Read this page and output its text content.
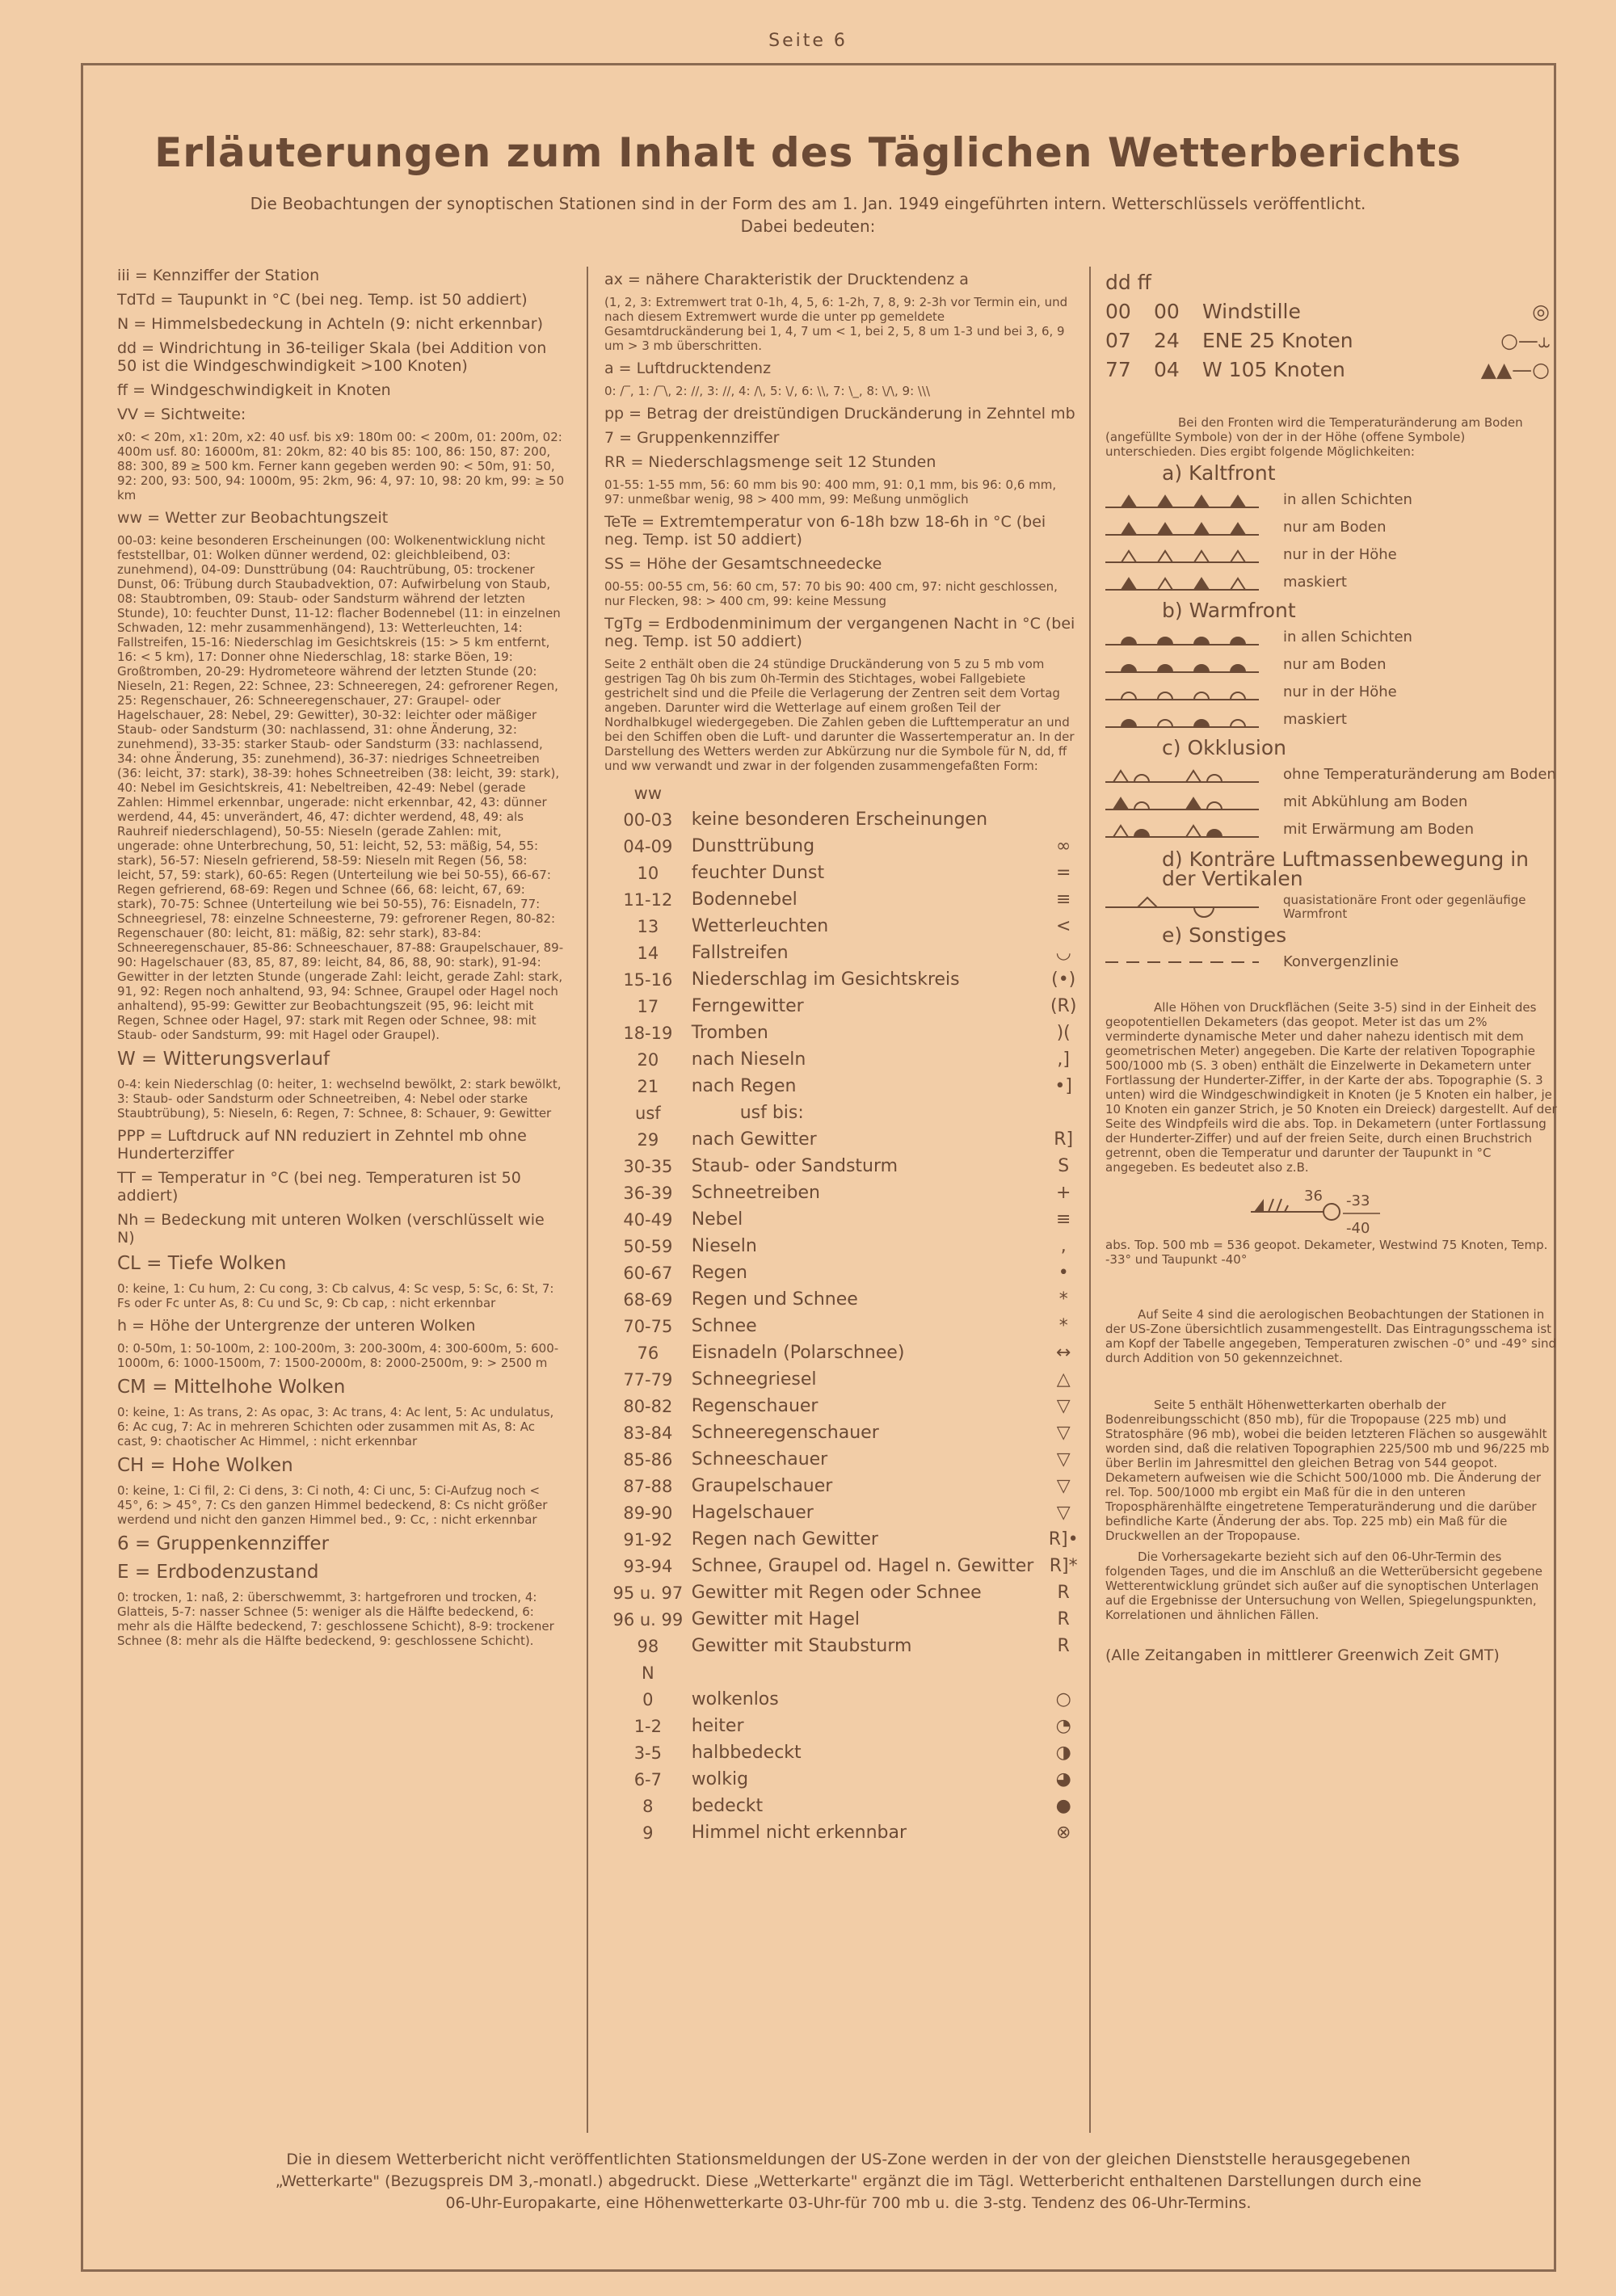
Seite 6
Erläuterungen zum Inhalt des Täglichen Wetterberichts
Die Beobachtungen der synoptischen Stationen sind in der Form des am 1. Jan. 1949 eingeführten intern. Wetterschlüssels veröffentlicht.
Dabei bedeuten:
iii = Kennziffer der Station
TdTd = Taupunkt in °C (bei neg. Temp. ist 50 addiert)
N = Himmelsbedeckung in Achteln (9: nicht erkennbar)
dd = Windrichtung in 36-teiliger Skala (bei Addition von 50 ist die Windgeschwindigkeit >100 Knoten)
ff = Windgeschwindigkeit in Knoten
VV = Sichtweite:
x0: < 20m, x1: 20m, x2: 40 usf. bis x9: 180m 00: < 200m, 01: 200m, 02: 400m usf. 80: 16000m, 81: 20km, 82: 40 bis 85: 100, 86: 150, 87: 200, 88: 300, 89 ≥ 500 km. Ferner kann gegeben werden 90: < 50m, 91: 50, 92: 200, 93: 500, 94: 1000m, 95: 2km, 96: 4, 97: 10, 98: 20 km, 99: ≥ 50 km
ww = Wetter zur Beobachtungszeit
00-03: keine besonderen Erscheinungen (00: Wolkenentwicklung nicht feststellbar, 01: Wolken dünner werdend, 02: gleichbleibend, 03: zunehmend), 04-09: Dunsttrübung (04: Rauchtrübung, 05: trockener Dunst, 06: Trübung durch Staubadvektion, 07: Aufwirbelung von Staub, 08: Staubtromben, 09: Staub- oder Sandsturm während der letzten Stunde), 10: feuchter Dunst, 11-12: flacher Bodennebel (11: in einzelnen Schwaden, 12: mehr zusammenhängend), 13: Wetterleuchten, 14: Fallstreifen, 15-16: Niederschlag im Gesichtskreis (15: > 5 km entfernt, 16: < 5 km), 17: Donner ohne Niederschlag, 18: starke Böen, 19: Großtromben, 20-29: Hydrometeore während der letzten Stunde (20: Nieseln, 21: Regen, 22: Schnee, 23: Schneeregen, 24: gefrorener Regen, 25: Regenschauer, 26: Schneeregenschauer, 27: Graupel- oder Hagelschauer, 28: Nebel, 29: Gewitter), 30-32: leichter oder mäßiger Staub- oder Sandsturm (30: nachlassend, 31: ohne Änderung, 32: zunehmend), 33-35: starker Staub- oder Sandsturm (33: nachlassend, 34: ohne Änderung, 35: zunehmend), 36-37: niedriges Schneetreiben (36: leicht, 37: stark), 38-39: hohes Schneetreiben (38: leicht, 39: stark), 40: Nebel im Gesichtskreis, 41: Nebeltreiben, 42-49: Nebel (gerade Zahlen: Himmel erkennbar, ungerade: nicht erkennbar, 42, 43: dünner werdend, 44, 45: unverändert, 46, 47: dichter werdend, 48, 49: als Rauhreif niederschlagend), 50-55: Nieseln (gerade Zahlen: mit, ungerade: ohne Unterbrechung, 50, 51: leicht, 52, 53: mäßig, 54, 55: stark), 56-57: Nieseln gefrierend, 58-59: Nieseln mit Regen (56, 58: leicht, 57, 59: stark), 60-65: Regen (Unterteilung wie bei 50-55), 66-67: Regen gefrierend, 68-69: Regen und Schnee (66, 68: leicht, 67, 69: stark), 70-75: Schnee (Unterteilung wie bei 50-55), 76: Eisnadeln, 77: Schneegriesel, 78: einzelne Schneesterne, 79: gefrorener Regen, 80-82: Regenschauer (80: leicht, 81: mäßig, 82: sehr stark), 83-84: Schneeregenschauer, 85-86: Schneeschauer, 87-88: Graupelschauer, 89-90: Hagelschauer (83, 85, 87, 89: leicht, 84, 86, 88, 90: stark), 91-94: Gewitter in der letzten Stunde (ungerade Zahl: leicht, gerade Zahl: stark, 91, 92: Regen noch anhaltend, 93, 94: Schnee, Graupel oder Hagel noch anhaltend), 95-99: Gewitter zur Beobachtungszeit (95, 96: leicht mit Regen, Schnee oder Hagel, 97: stark mit Regen oder Schnee, 98: mit Staub- oder Sandsturm, 99: mit Hagel oder Graupel).
W = Witterungsverlauf
0-4: kein Niederschlag (0: heiter, 1: wechselnd bewölkt, 2: stark bewölkt, 3: Staub- oder Sandsturm oder Schneetreiben, 4: Nebel oder starke Staubtrübung), 5: Nieseln, 6: Regen, 7: Schnee, 8: Schauer, 9: Gewitter
PPP = Luftdruck auf NN reduziert in Zehntel mb ohne Hunderterziffer
TT = Temperatur in °C (bei neg. Temperaturen ist 50 addiert)
Nh = Bedeckung mit unteren Wolken (verschlüsselt wie N)
CL = Tiefe Wolken
0: keine, 1: Cu hum, 2: Cu cong, 3: Cb calvus, 4: Sc vesp, 5: Sc, 6: St, 7: Fs oder Fc unter As, 8: Cu und Sc, 9: Cb cap, : nicht erkennbar
h = Höhe der Untergrenze der unteren Wolken
0: 0-50m, 1: 50-100m, 2: 100-200m, 3: 200-300m, 4: 300-600m, 5: 600-1000m, 6: 1000-1500m, 7: 1500-2000m, 8: 2000-2500m, 9: > 2500 m
CM = Mittelhohe Wolken
0: keine, 1: As trans, 2: As opac, 3: Ac trans, 4: Ac lent, 5: Ac undulatus, 6: Ac cug, 7: Ac in mehreren Schichten oder zusammen mit As, 8: Ac cast, 9: chaotischer Ac Himmel, : nicht erkennbar
CH = Hohe Wolken
0: keine, 1: Ci fil, 2: Ci dens, 3: Ci noth, 4: Ci unc, 5: Ci-Aufzug noch < 45°, 6: > 45°, 7: Cs den ganzen Himmel bedeckend, 8: Cs nicht größer werdend und nicht den ganzen Himmel bed., 9: Cc, : nicht erkennbar
6 = Gruppenkennziffer
E = Erdbodenzustand
0: trocken, 1: naß, 2: überschwemmt, 3: hartgefroren und trocken, 4: Glatteis, 5-7: nasser Schnee (5: weniger als die Hälfte bedeckend, 6: mehr als die Hälfte bedeckend, 7: geschlossene Schicht), 8-9: trockener Schnee (8: mehr als die Hälfte bedeckend, 9: geschlossene Schicht).
ax = nähere Charakteristik der Drucktendenz a
(1, 2, 3: Extremwert trat 0-1h, 4, 5, 6: 1-2h, 7, 8, 9: 2-3h vor Termin ein, und nach diesem Extremwert wurde die unter pp gemeldete Gesamtdruckänderung bei 1, 4, 7 um < 1, bei 2, 5, 8 um 1-3 und bei 3, 6, 9 um > 3 mb überschritten.
a = Luftdrucktendenz
0: ∕‾, 1: ∕‾\, 2: ∕∕, 3: ∕∕, 4: ∕\, 5: \∕, 6: \\, 7: \_, 8: \∕\, 9: \\\
pp = Betrag der dreistündigen Druckänderung in Zehntel mb
7 = Gruppenkennziffer
RR = Niederschlagsmenge seit 12 Stunden
01-55: 1-55 mm, 56: 60 mm bis 90: 400 mm, 91: 0,1 mm, bis 96: 0,6 mm, 97: unmeßbar wenig, 98 > 400 mm, 99: Meßung unmöglich
TeTe = Extremtemperatur von 6-18h bzw 18-6h in °C (bei neg. Temp. ist 50 addiert)
SS = Höhe der Gesamtschneedecke
00-55: 00-55 cm, 56: 60 cm, 57: 70 bis 90: 400 cm, 97: nicht geschlossen, nur Flecken, 98: > 400 cm, 99: keine Messung
TgTg = Erdbodenminimum der vergangenen Nacht in °C (bei neg. Temp. ist 50 addiert)
Seite 2 enthält oben die 24 stündige Druckänderung von 5 zu 5 mb vom gestrigen Tag 0h bis zum 0h-Termin des Stichtages, wobei Fallgebiete gestrichelt sind und die Pfeile die Verlagerung der Zentren seit dem Vortag angeben. Darunter wird die Wetterlage auf einem großen Teil der Nordhalbkugel wiedergegeben. Die Zahlen geben die Lufttemperatur an und bei den Schiffen oben die Luft- und darunter die Wassertemperatur an. In der Darstellung des Wetters werden zur Abkürzung nur die Symbole für N, dd, ff und ww verwandt und zwar in der folgenden zusammengefaßten Form:
ww		
00-03	keine besonderen Erscheinungen	
04-09	Dunsttrübung	∞
10	feuchter Dunst	=
11-12	Bodennebel	≡
13	Wetterleuchten	<
14	Fallstreifen	◡
15-16	Niederschlag im Gesichtskreis	(•)
17	Ferngewitter	(R)
18-19	Tromben	)(
20	nach Nieseln	,]
21	nach Regen	•]
usf	usf bis:	
29	nach Gewitter	R]
30-35	Staub- oder Sandsturm	S
36-39	Schneetreiben	+
40-49	Nebel	≡
50-59	Nieseln	,
60-67	Regen	•
68-69	Regen und Schnee	*
70-75	Schnee	*
76	Eisnadeln (Polarschnee)	↔
77-79	Schneegriesel	△
80-82	Regenschauer	▽
83-84	Schneeregenschauer	▽
85-86	Schneeschauer	▽
87-88	Graupelschauer	▽
89-90	Hagelschauer	▽
91-92	Regen nach Gewitter	R]•
93-94	Schnee, Graupel od. Hagel n. Gewitter	R]*
95 u. 97	Gewitter mit Regen oder Schnee	R
96 u. 99	Gewitter mit Hagel	R
98	Gewitter mit Staubsturm	R
N		
0	wolkenlos	○
1-2	heiter	◔
3-5	halbbedeckt	◑
6-7	wolkig	◕
8	bedeckt	●
9	Himmel nicht erkennbar	⊗
dd ff			
00	00	Windstille	◎
07	24	ENE 25 Knoten	○—⥿
77	04	W 105 Knoten	▲▲—○
Bei den Fronten wird die Temperaturänderung am Boden (angefüllte Symbole) von der in der Höhe (offene Symbole) unterschieden. Dies ergibt folgende Möglichkeiten:
a) Kaltfront
in allen Schichten
nur am Boden
nur in der Höhe
maskiert
b) Warmfront
in allen Schichten
nur am Boden
nur in der Höhe
maskiert
c) Okklusion
ohne Temperaturänderung am Boden
mit Abkühlung am Boden
mit Erwärmung am Boden
d) Konträre Luftmassenbewegung in der Vertikalen
quasistationäre Front oder gegenläufige Warmfront
e) Sonstiges
Konvergenzlinie
Alle Höhen von Druckflächen (Seite 3-5) sind in der Einheit des geopotentiellen Dekameters (das geopot. Meter ist das um 2% verminderte dynamische Meter und daher nahezu identisch mit dem geometrischen Meter) angegeben. Die Karte der relativen Topographie 500/1000 mb (S. 3 oben) enthält die Einzelwerte in Dekametern unter Fortlassung der Hunderter-Ziffer, in der Karte der abs. Topographie (S. 3 unten) wird die Windgeschwindigkeit in Knoten (je 5 Knoten ein halber, je 10 Knoten ein ganzer Strich, je 50 Knoten ein Dreieck) dargestellt. Auf der Seite des Windpfeils wird die abs. Top. in Dekametern (unter Fortlassung der Hunderter-Ziffer) und auf der freien Seite, durch einen Bruchstrich getrennt, oben die Temperatur und darunter der Taupunkt in °C angegeben. Es bedeutet also z.B.
36 -33
-40
abs. Top. 500 mb = 536 geopot. Dekameter, Westwind 75 Knoten, Temp. -33° und Taupunkt -40°
Auf Seite 4 sind die aerologischen Beobachtungen der Stationen in der US-Zone übersichtlich zusammengestellt. Das Eintragungsschema ist am Kopf der Tabelle angegeben, Temperaturen zwischen -0° und -49° sind durch Addition von 50 gekennzeichnet.
Seite 5 enthält Höhenwetterkarten oberhalb der Bodenreibungsschicht (850 mb), für die Tropopause (225 mb) und Stratosphäre (96 mb), wobei die beiden letzteren Flächen so ausgewählt worden sind, daß die relativen Topographien 225/500 mb und 96/225 mb über Berlin im Jahresmittel den gleichen Betrag von 544 geopot. Dekametern aufweisen wie die Schicht 500/1000 mb. Die Änderung der rel. Top. 500/1000 mb ergibt ein Maß für die in den unteren Troposphärenhälfte eingetretene Temperaturänderung und die darüber befindliche Karte (Änderung der abs. Top. 225 mb) ein Maß für die Druckwellen an der Tropopause.
Die Vorhersagekarte bezieht sich auf den 06-Uhr-Termin des folgenden Tages, und die im Anschluß an die Wetterübersicht gegebene Wetterentwicklung gründet sich außer auf die synoptischen Unterlagen auf die Ergebnisse der Untersuchung von Wellen, Spiegelungspunkten, Korrelationen und ähnlichen Fällen.
(Alle Zeitangaben in mittlerer Greenwich Zeit GMT)
Die in diesem Wetterbericht nicht veröffentlichten Stationsmeldungen der US-Zone werden in der von der gleichen Dienststelle herausgegebenen „Wetterkarte" (Bezugspreis DM 3,-monatl.) abgedruckt. Diese „Wetterkarte" ergänzt die im Tägl. Wetterbericht enthaltenen Darstellungen durch eine 06-Uhr-Europakarte, eine Höhenwetterkarte 03-Uhr-für 700 mb u. die 3-stg. Tendenz des 06-Uhr-Termins.
